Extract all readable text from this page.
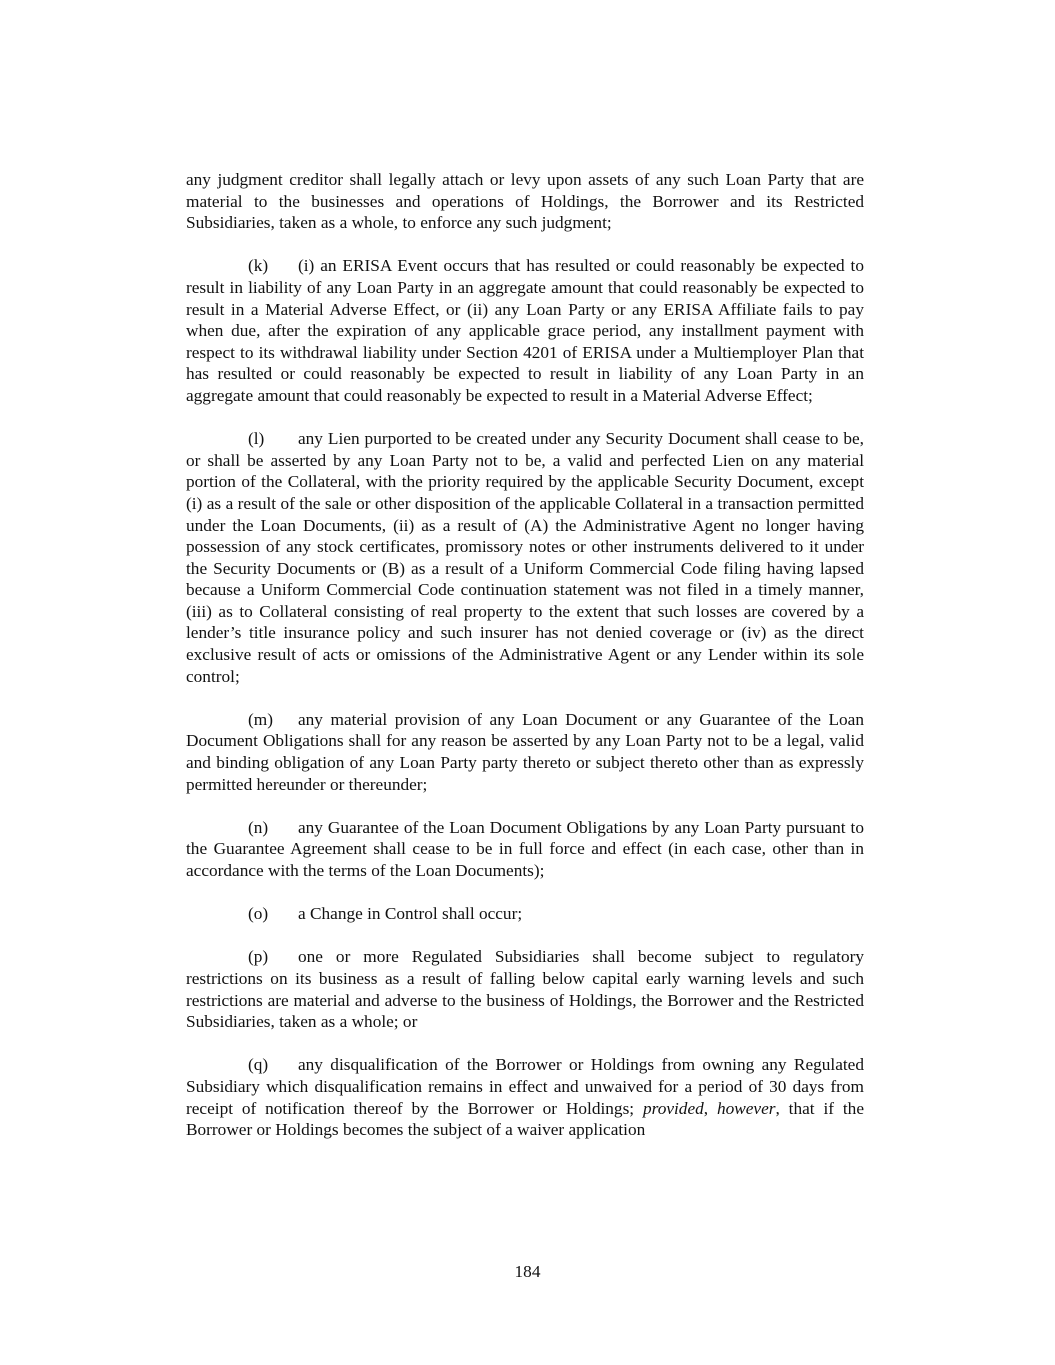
any judgment creditor shall legally attach or levy upon assets of any such Loan Party that are material to the businesses and operations of Holdings, the Borrower and its Restricted Subsidiaries, taken as a whole, to enforce any such judgment;

(k) (i) an ERISA Event occurs that has resulted or could reasonably be expected to result in liability of any Loan Party in an aggregate amount that could reasonably be expected to result in a Material Adverse Effect, or (ii) any Loan Party or any ERISA Affiliate fails to pay when due, after the expiration of any applicable grace period, any installment payment with respect to its withdrawal liability under Section 4201 of ERISA under a Multiemployer Plan that has resulted or could reasonably be expected to result in liability of any Loan Party in an aggregate amount that could reasonably be expected to result in a Material Adverse Effect;

(l) any Lien purported to be created under any Security Document shall cease to be, or shall be asserted by any Loan Party not to be, a valid and perfected Lien on any material portion of the Collateral, with the priority required by the applicable Security Document, except (i) as a result of the sale or other disposition of the applicable Collateral in a transaction permitted under the Loan Documents, (ii) as a result of (A) the Administrative Agent no longer having possession of any stock certificates, promissory notes or other instruments delivered to it under the Security Documents or (B) as a result of a Uniform Commercial Code filing having lapsed because a Uniform Commercial Code continuation statement was not filed in a timely manner, (iii) as to Collateral consisting of real property to the extent that such losses are covered by a lender’s title insurance policy and such insurer has not denied coverage or (iv) as the direct exclusive result of acts or omissions of the Administrative Agent or any Lender within its sole control;

(m) any material provision of any Loan Document or any Guarantee of the Loan Document Obligations shall for any reason be asserted by any Loan Party not to be a legal, valid and binding obligation of any Loan Party party thereto or subject thereto other than as expressly permitted hereunder or thereunder;

(n) any Guarantee of the Loan Document Obligations by any Loan Party pursuant to the Guarantee Agreement shall cease to be in full force and effect (in each case, other than in accordance with the terms of the Loan Documents);

(o) a Change in Control shall occur;

(p) one or more Regulated Subsidiaries shall become subject to regulatory restrictions on its business as a result of falling below capital early warning levels and such restrictions are material and adverse to the business of Holdings, the Borrower and the Restricted Subsidiaries, taken as a whole; or

(q) any disqualification of the Borrower or Holdings from owning any Regulated Subsidiary which disqualification remains in effect and unwaived for a period of 30 days from receipt of notification thereof by the Borrower or Holdings; provided, however, that if the Borrower or Holdings becomes the subject of a waiver application

184
